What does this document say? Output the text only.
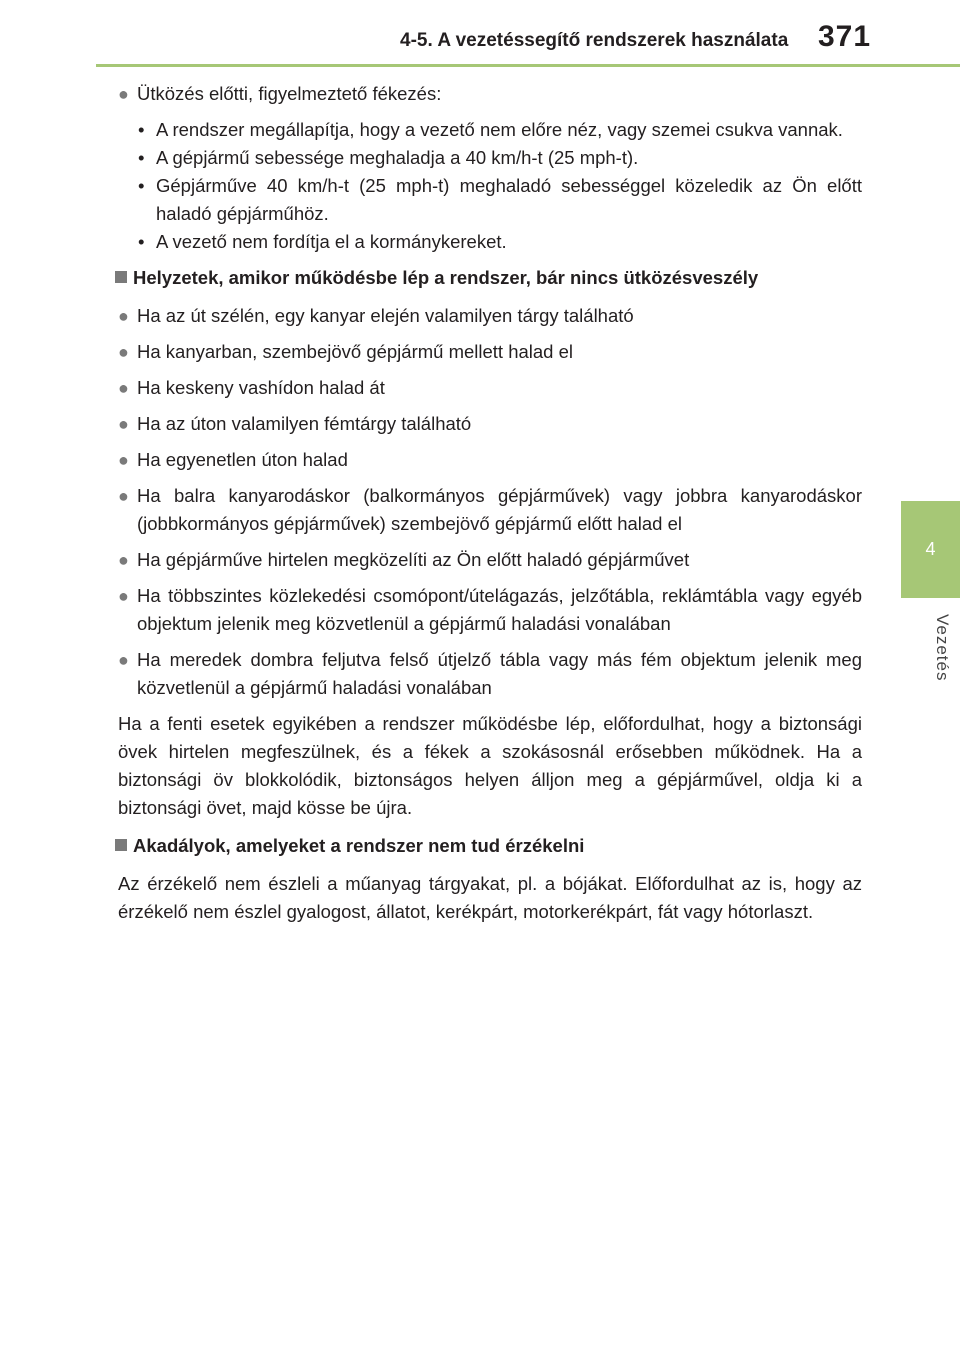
4-5. A vezetéssegítő rendszerek használata 371
4
Vezetés
● Ütközés előtti, figyelmeztető fékezés:
• A rendszer megállapítja, hogy a vezető nem előre néz, vagy szemei csukva vannak.
• A gépjármű sebessége meghaladja a 40 km/h-t (25 mph-t).
• Gépjárműve 40 km/h-t (25 mph-t) meghaladó sebességgel közeledik az Ön előtt haladó gépjárműhöz.
• A vezető nem fordítja el a kormánykereket.
Helyzetek, amikor működésbe lép a rendszer, bár nincs ütközésveszély
● Ha az út szélén, egy kanyar elején valamilyen tárgy található
● Ha kanyarban, szembejövő gépjármű mellett halad el
● Ha keskeny vashídon halad át
● Ha az úton valamilyen fémtárgy található
● Ha egyenetlen úton halad
● Ha balra kanyarodáskor (balkormányos gépjárművek) vagy jobbra kanyarodáskor (jobbkormányos gépjárművek) szembejövő gépjármű előtt halad el
● Ha gépjárműve hirtelen megközelíti az Ön előtt haladó gépjárművet
● Ha többszintes közlekedési csomópont/útelágazás, jelzőtábla, reklámtábla vagy egyéb objektum jelenik meg közvetlenül a gépjármű haladási vonalában
● Ha meredek dombra feljutva felső útjelző tábla vagy más fém objektum jelenik meg közvetlenül a gépjármű haladási vonalában

Ha a fenti esetek egyikében a rendszer működésbe lép, előfordulhat, hogy a biztonsági övek hirtelen megfeszülnek, és a fékek a szokásosnál erősebben működnek. Ha a biztonsági öv blokkolódik, biztonságos helyen álljon meg a gépjárművel, oldja ki a biztonsági övet, majd kösse be újra.

Akadályok, amelyeket a rendszer nem tud érzékelni

Az érzékelő nem észleli a műanyag tárgyakat, pl. a bójákat. Előfordulhat az is, hogy az érzékelő nem észlel gyalogost, állatot, kerékpárt, motorkerékpárt, fát vagy hótorlaszt.
